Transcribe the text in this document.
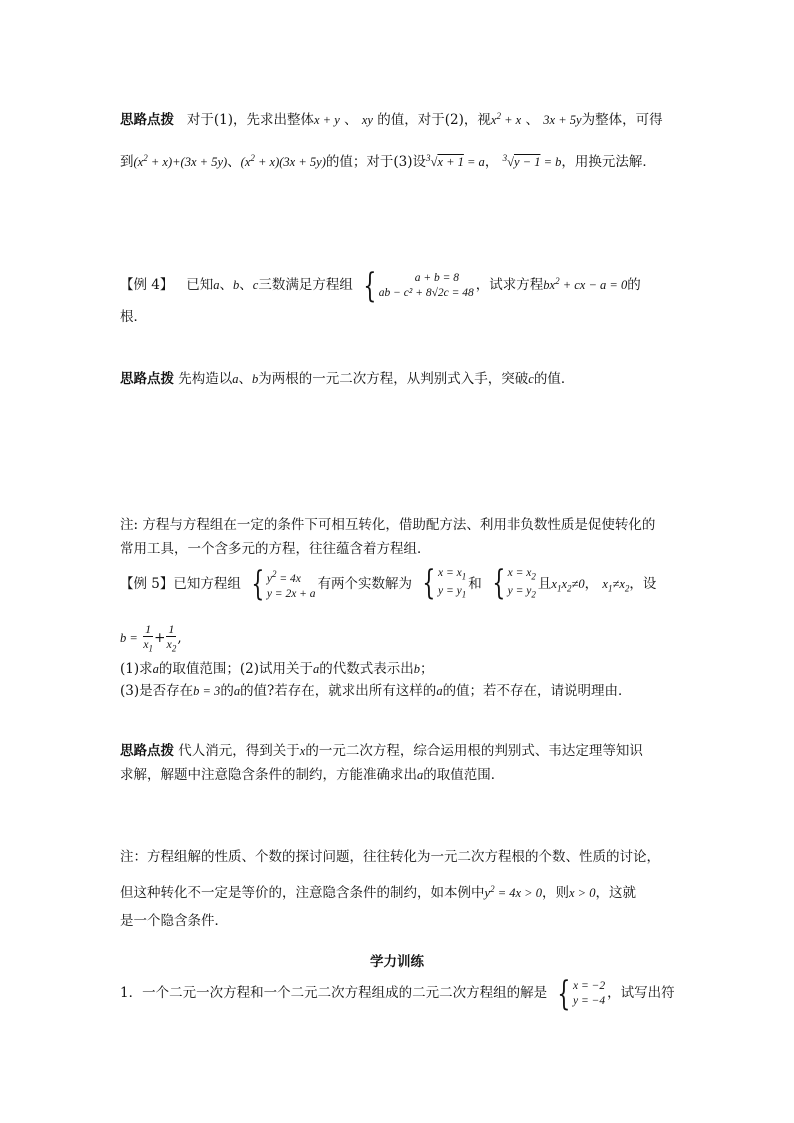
思路点拨 对于(1)，先求出整体x + y 、 xy 的值，对于(2)，视$x^2 + x$ 、 3x + 5y为整体，可得
到$(x^2 + x)+(3x + 5y)$、$(x^2 + x)(3x + 5y)$的值；对于(3)设$^3$√x + 1 = a， $^3$√y − 1 = b，用换元法解．
【例 4】 已知a、b、c三数满足方程组 {	a + b = 8
ab − c² + 8√2c = 48 ，试求方程$bx^2$ + cx − a = 0的
根．
思路点拨 先构造以a、b为两根的一元二次方程，从判别式入手，突破c的值．
注: 方程与方程组在一定的条件下可相互转化，借助配方法、利用非负数性质是促使转化的
常用工具，一个含多元的方程，往往蕴含着方程组．
【例 5】已知方程组 { $y^2 = 4x$
y = 2x + a
有两个实数解为 { $x = x_1$
$y = y_1$
和 { $x = x_2$
$y = y_2$
且$x_1x_2\ne 0$， $x_1\ne x_2$，设
$b = \frac{1}{x_1} + \frac{1}{x_2}$ ,
(1)求a的取值范围；(2)试用关于a的代数式表示出b；
(3)是否存在b = 3的a的值?若存在，就求出所有这样的a的值；若不存在，请说明理由．
思路点拨 代人消元，得到关于x的一元二次方程，综合运用根的判别式、韦达定理等知识
求解，解题中注意隐含条件的制约，方能准确求出a的取值范围．
注：方程组解的性质、个数的探讨问题，往往转化为一元二次方程根的个数、性质的讨论，
但这种转化不一定是等价的，注意隐含条件的制约，如本例中$y^2 = 4x > 0$，则x > 0，这就
是一个隐含条件．
学力训练
1．一个二元一次方程和一个二元二次方程组成的二元二次方程组的解是 { x = −2
y = −4 ，试写出符
